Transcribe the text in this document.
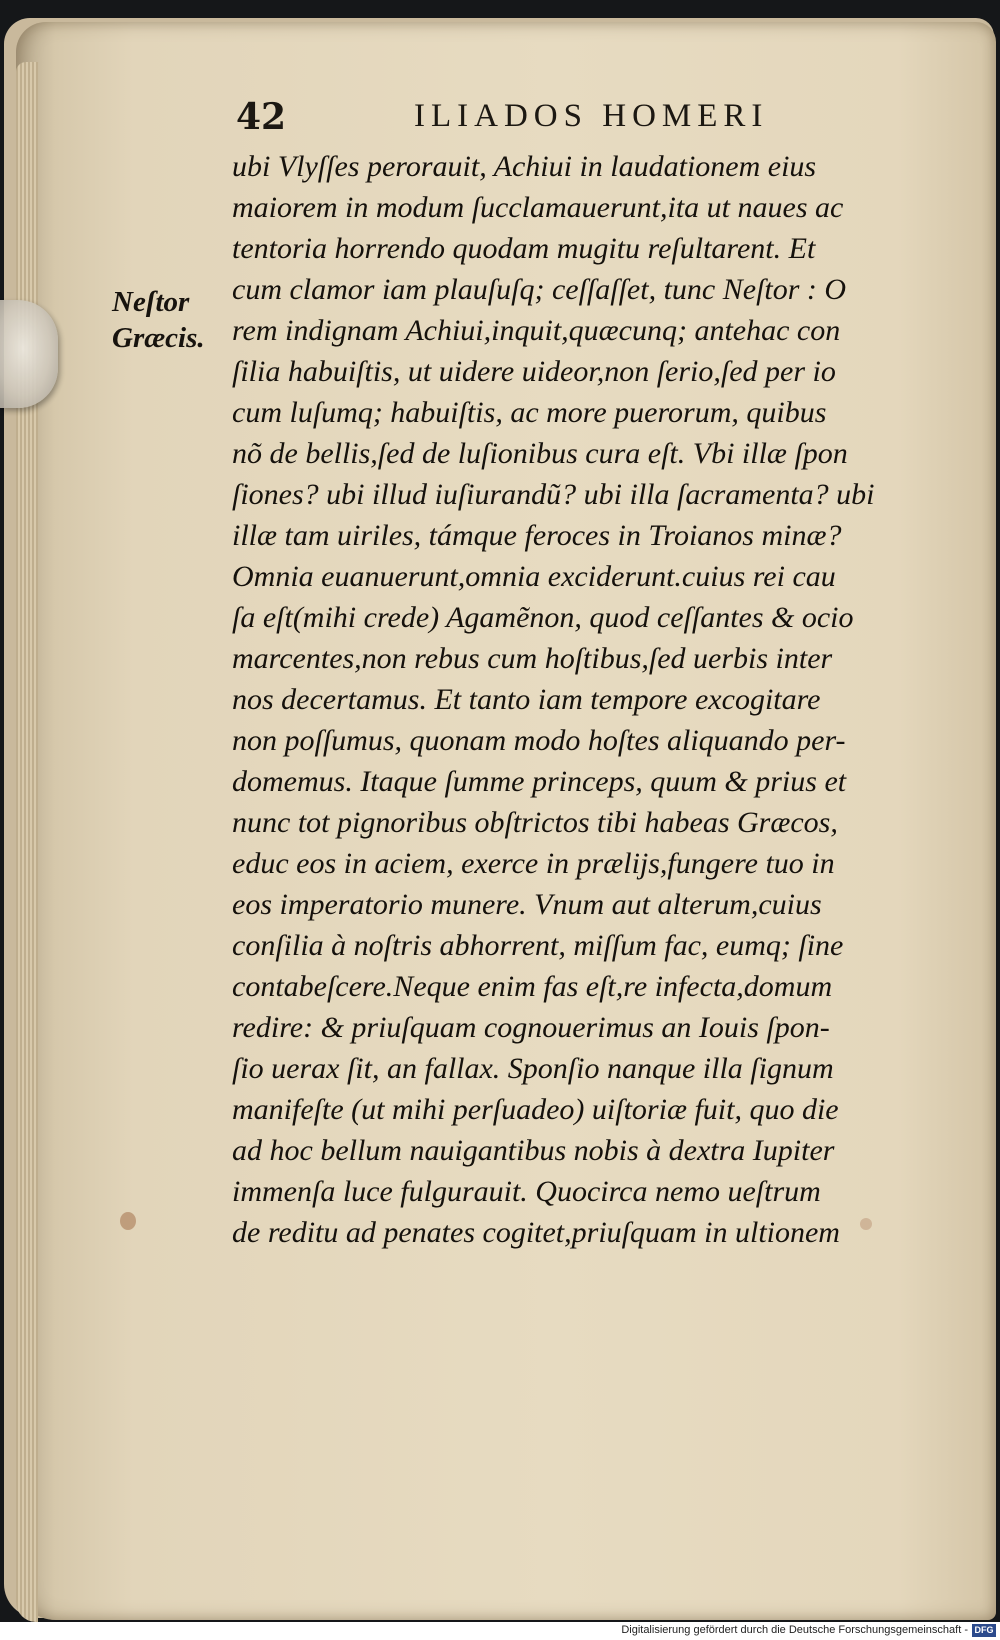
42	ILIADOS HOMERI
Neſtor
Græcis.
ubi Vlyſſes perorauit, Achiui in laudationem eius
maiorem in modum ſucclamauerunt,ita ut naues ac
tentoria horrendo quodam mugitu reſultarent. Et
cum clamor iam plauſuſq; ceſſaſſet, tunc Neſtor : O
rem indignam Achiui,inquit,quæcunq; antehac con
ſilia habuiſtis, ut uidere uideor,non ſerio,ſed per io
cum luſumq; habuiſtis, ac more puerorum, quibus
nõ de bellis,ſed de luſionibus cura eſt. Vbi illæ ſpon
ſiones? ubi illud iuſiurandũ? ubi illa ſacramenta? ubi
illæ tam uiriles, támque feroces in Troianos minæ?
Omnia euanuerunt,omnia exciderunt.cuius rei cau
ſa eſt(mihi crede) Agamẽnon, quod ceſſantes & ocio
marcentes,non rebus cum hoſtibus,ſed uerbis inter
nos decertamus. Et tanto iam tempore excogitare
non poſſumus, quonam modo hoſtes aliquando per-
domemus. Itaque ſumme princeps, quum & prius et
nunc tot pignoribus obſtrictos tibi habeas Græcos,
educ eos in aciem, exerce in prælijs,fungere tuo in
eos imperatorio munere. Vnum aut alterum,cuius
conſilia à noſtris abhorrent, miſſum fac, eumq; ſine
contabeſcere.Neque enim fas eſt,re infecta,domum
redire: & priuſquam cognouerimus an Iouis ſpon-
ſio uerax ſit, an fallax. Sponſio nanque illa ſignum
manifeſte (ut mihi perſuadeo) uiſtoriæ fuit, quo die
ad hoc bellum nauigantibus nobis à dextra Iupiter
immenſa luce fulgurauit. Quocirca nemo ueſtrum
de reditu ad penates cogitet,priuſquam in ultionem
Digitalisierung gefördert durch die Deutsche Forschungsgemeinschaft - DFG
